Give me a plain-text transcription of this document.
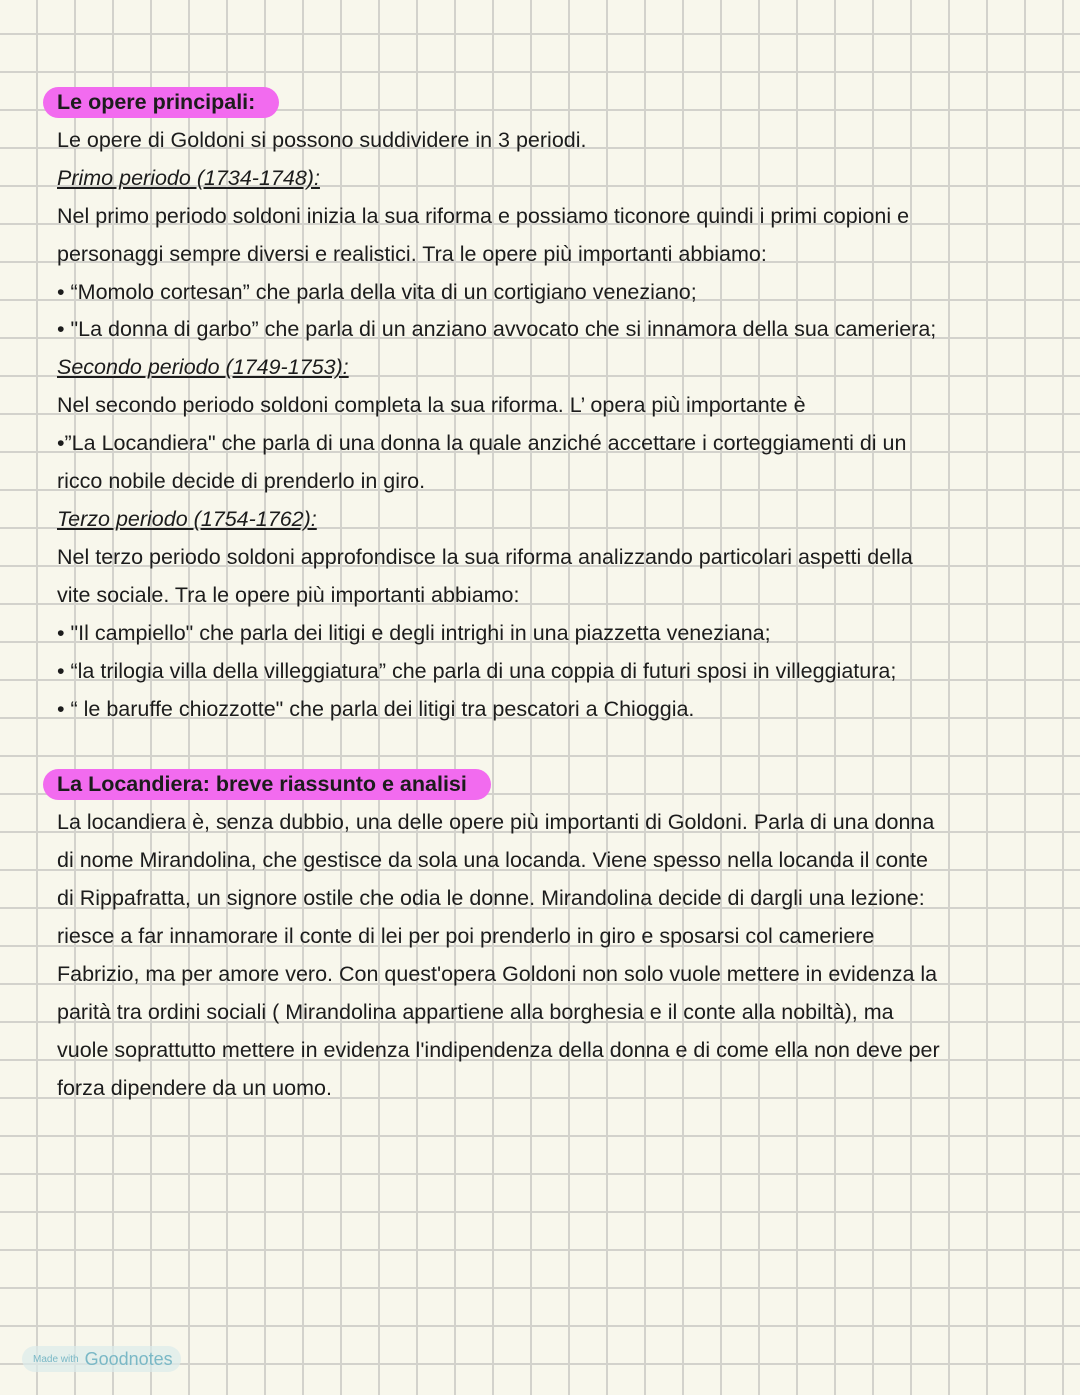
Le opere principali:
Le opere di Goldoni si possono suddividere in 3 periodi.
Primo periodo (1734-1748):
Nel primo periodo soldoni inizia la sua riforma e possiamo ticonore quindi i primi copioni e
personaggi sempre diversi e realistici. Tra le opere più importanti abbiamo:
• “Momolo cortesan” che parla della vita di un cortigiano veneziano;
• "La donna di garbo” che parla di un anziano avvocato che si innamora della sua cameriera;
Secondo periodo (1749-1753):
Nel secondo periodo soldoni completa la sua riforma. L’ opera più importante è
•”La Locandiera" che parla di una donna la quale anziché accettare i corteggiamenti di un
ricco nobile decide di prenderlo in giro.
Terzo periodo (1754-1762):
Nel terzo periodo soldoni approfondisce la sua riforma analizzando particolari aspetti della
vite sociale. Tra le opere più importanti abbiamo:
• "Il campiello" che parla dei litigi e degli intrighi in una piazzetta veneziana;
• “la trilogia villa della villeggiatura” che parla di una coppia di futuri sposi in villeggiatura;
• “ le baruffe chiozzotte" che parla dei litigi tra pescatori a Chioggia.
La Locandiera: breve riassunto e analisi
La locandiera è, senza dubbio, una delle opere più importanti di Goldoni. Parla di una donna
di nome Mirandolina, che gestisce da sola una locanda. Viene spesso nella locanda il conte
di Rippafratta, un signore ostile che odia le donne. Mirandolina decide di dargli una lezione:
riesce a far innamorare il conte di lei per poi prenderlo in giro e sposarsi col cameriere
Fabrizio, ma per amore vero. Con quest'opera Goldoni non solo vuole mettere in evidenza la
parità tra ordini sociali ( Mirandolina appartiene alla borghesia e il conte alla nobiltà), ma
vuole soprattutto mettere in evidenza l'indipendenza della donna e di come ella non deve per
forza dipendere da un uomo.
Made with Goodnotes
